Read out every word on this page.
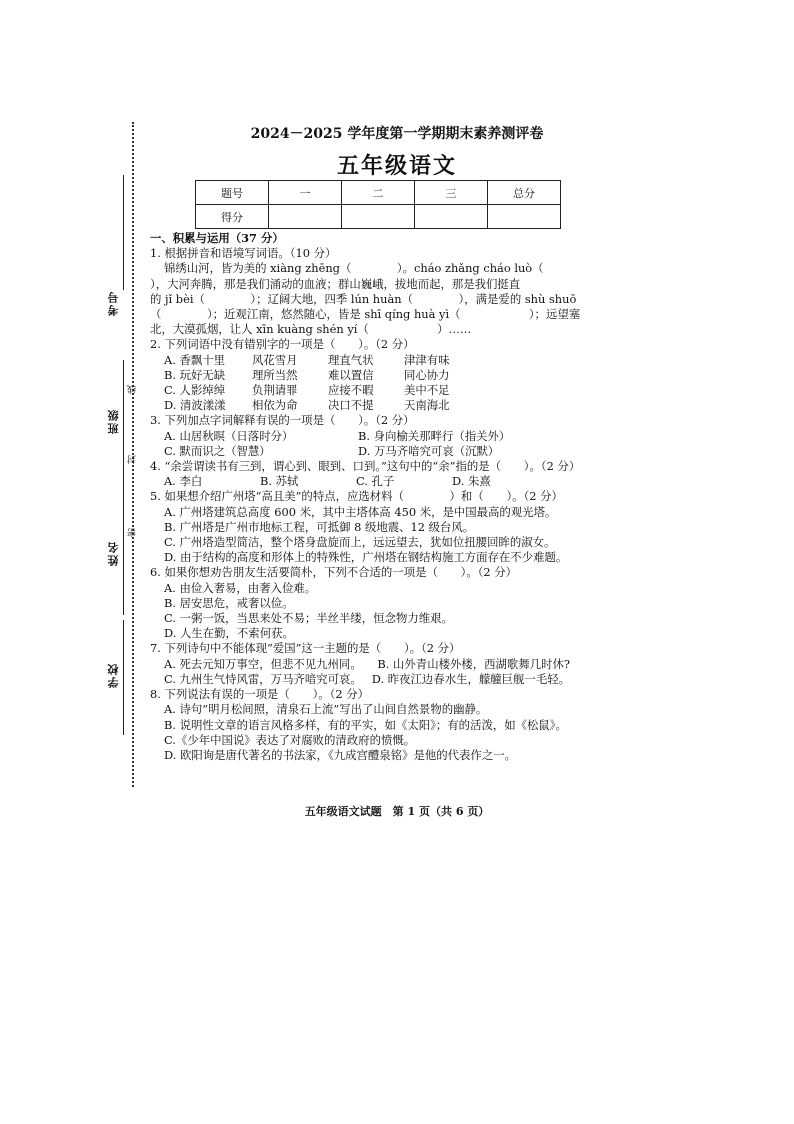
考号
班级
姓名
学校
线
封
密
2024－2025 学年度第一学期期末素养测评卷
五年级语文
题号	一	二	三	总分
得分				

一、积累与运用（37 分）

1. 根据拼音和语境写词语。（10 分）

锦绣山河，皆为美的 xiàng zhēng（　　　　）。cháo zhǎng cháo luò（

），大河奔腾，那是我们涌动的血液；群山巍峨，拔地而起，那是我们挺直

的 jǐ bèi（　　　　）；辽阔大地，四季 lún huàn（　　　　），满是爱的 shù shuō

（　　　　）；近观江南，悠然随心，皆是 shī qíng huà yì（　　　　　　）；远望塞

北，大漠孤烟，让人 xīn kuàng shén yí（　　　　　　）……

2. 下列词语中没有错别字的一项是（　　）。（2 分）

A. 香飘十里	风花雪月	理直气状	津津有味

B. 玩好无缺	理所当然	难以置信	同心协力

C. 人影绰绰	负荆请罪	应接不暇	美中不足

D. 清波漾漾	相依为命	决口不提	天南海北

3. 下列加点字词解释有误的一项是（　　）。（2 分）

A. 山居秋暝（日落时分）	B. 身向榆关那畔行（指关外）

C. 默而识之（智慧）	D. 万马齐喑究可哀（沉默）

4. “余尝谓读书有三到，谓心到、眼到、口到。”这句中的“余”指的是（　　）。（2 分）

A. 李白	B. 苏轼	C. 孔子	D. 朱熹

5. 如果想介绍广州塔“高且美”的特点，应选材料（　　　　）和（　　）。（2 分）

A. 广州塔建筑总高度 600 米，其中主塔体高 450 米，是中国最高的观光塔。

B. 广州塔是广州市地标工程，可抵御 8 级地震、12 级台风。

C. 广州塔造型简洁，整个塔身盘旋而上，远远望去，犹如位扭腰回眸的淑女。

D. 由于结构的高度和形体上的特殊性，广州塔在钢结构施工方面存在不少难题。

6. 如果你想劝告朋友生活要简朴，下列不合适的一项是（　　）。（2 分）

A. 由俭入奢易，由奢入俭难。

B. 居安思危，戒奢以俭。

C. 一粥一饭，当思来处不易；半丝半缕，恒念物力维艰。

D. 人生在勤，不索何获。

7. 下列诗句中不能体现“爱国”这一主题的是（　　）。（2 分）

A. 死去元知万事空，但悲不见九州同。	B. 山外青山楼外楼，西湖歌舞几时休?

C. 九州生气恃风雷，万马齐喑究可哀。 D. 昨夜江边春水生，艨艟巨舰一毛轻。

8. 下列说法有误的一项是（　　）。（2 分）

A. 诗句“明月松间照，清泉石上流”写出了山间自然景物的幽静。

B. 说明性文章的语言风格多样，有的平实，如《太阳》；有的活泼，如《松鼠》。

C.《少年中国说》表达了对腐败的清政府的愤慨。

D. 欧阳询是唐代著名的书法家，《九成宫醴泉铭》是他的代表作之一。

五年级语文试题　第 1 页（共 6 页）
